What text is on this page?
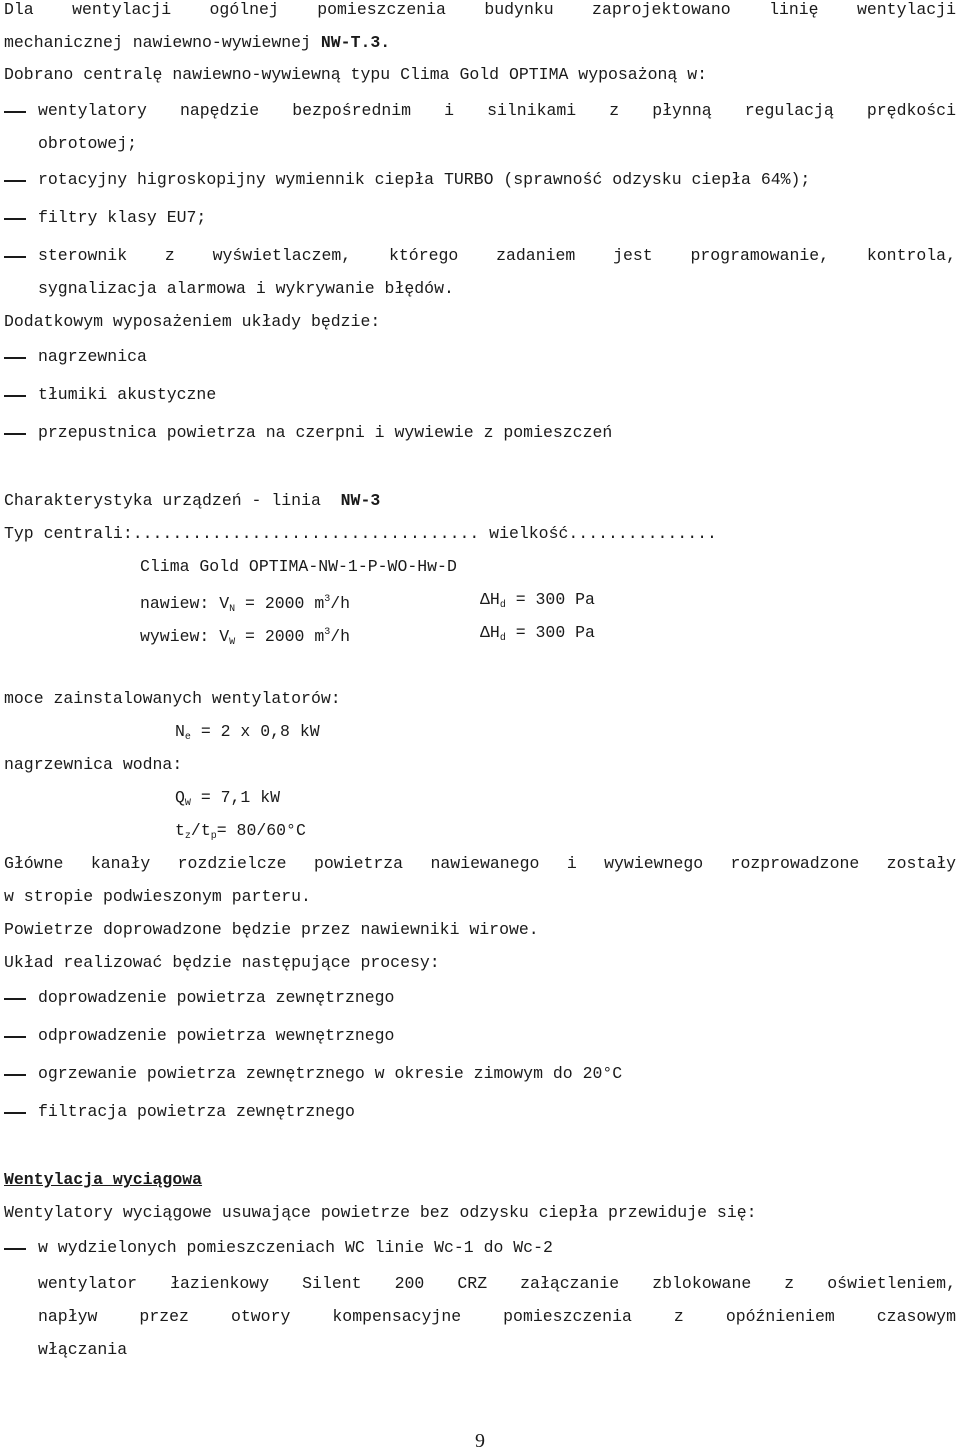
Dla wentylacji ogólnej pomieszczenia budynku zaprojektowano linię wentylacji
mechanicznej nawiewno-wywiewnej NW-T.3.
Dobrano centralę nawiewno-wywiewną typu Clima Gold OPTIMA wyposażoną w:
wentylatory napędzie bezpośrednim i silnikami z płynną regulacją prędkości
obrotowej;
rotacyjny higroskopijny wymiennik ciepła TURBO (sprawność odzysku ciepła 64%);
filtry klasy EU7;
sterownik z wyświetlaczem, którego zadaniem jest programowanie, kontrola,
sygnalizacja alarmowa i wykrywanie błędów.
Dodatkowym wyposażeniem układy będzie:
nagrzewnica
tłumiki akustyczne
przepustnica powietrza na czerpni i wywiewie z pomieszczeń
Charakterystyka urządzeń - linia  NW-3
Typ centrali:................................... wielkość...............
Clima Gold OPTIMA-NW-1-P-WO-Hw-D
nawiew: $V_N = 2000$ $m^3/h$	$\Delta H_d = 300$ Pa
wywiew: $V_W = 2000$ $m^3/h$	$\Delta H_d = 300$ Pa
moce zainstalowanych wentylatorów:
$N_e = 2$ x 0,8 kW
nagrzewnica wodna:
$Q_W = 7,1$ kW
$t_z/t_p= 80/60^\circ C$
Główne kanały rozdzielcze powietrza nawiewanego i wywiewnego rozprowadzone zostały
w stropie podwieszonym parteru.
Powietrze doprowadzone będzie przez nawiewniki wirowe.
Układ realizować będzie następujące procesy:
doprowadzenie powietrza zewnętrznego
odprowadzenie powietrza wewnętrznego
ogrzewanie powietrza zewnętrznego w okresie zimowym do 20°C
filtracja powietrza zewnętrznego
Wentylacja wyciągowa
Wentylatory wyciągowe usuwające powietrze bez odzysku ciepła przewiduje się:
w wydzielonych pomieszczeniach WC linie Wc-1 do Wc-2
wentylator łazienkowy Silent 200 CRZ załączanie zblokowane z oświetleniem,
napływ przez otwory kompensacyjne pomieszczenia z opóźnieniem czasowym
włączania
9
